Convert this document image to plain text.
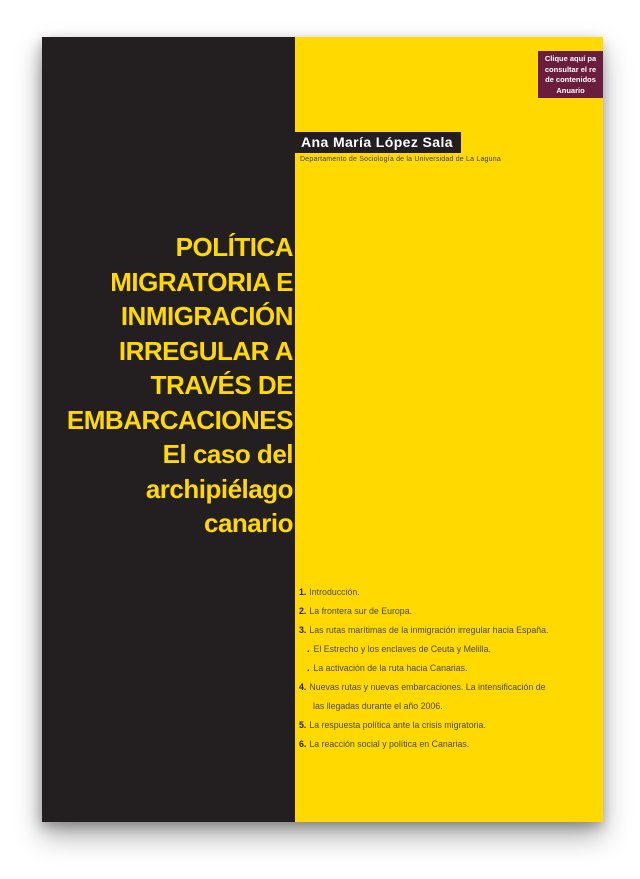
POLÍTICA
MIGRATORIA E
INMIGRACIÓN
IRREGULAR A
TRAVÉS DE
EMBARCACIONES
El caso del
archipiélago
canario
Clique aquí pa
consultar el re
de contenidos
Anuario
Ana María López Sala
Departamento de Sociología de la Universidad de La Laguna
1. Introducción.
2. La frontera sur de Europa.
3. Las rutas marítimas de la inmigración irregular hacia España.
. El Estrecho y los enclaves de Ceuta y Melilla.
. La activación de la ruta hacia Canarias.
4. Nuevas rutas y nuevas embarcaciones. La intensificación de
las llegadas durante el año 2006.
5. La respuesta política ante la crisis migratoria.
6. La reacción social y política en Canarias.
